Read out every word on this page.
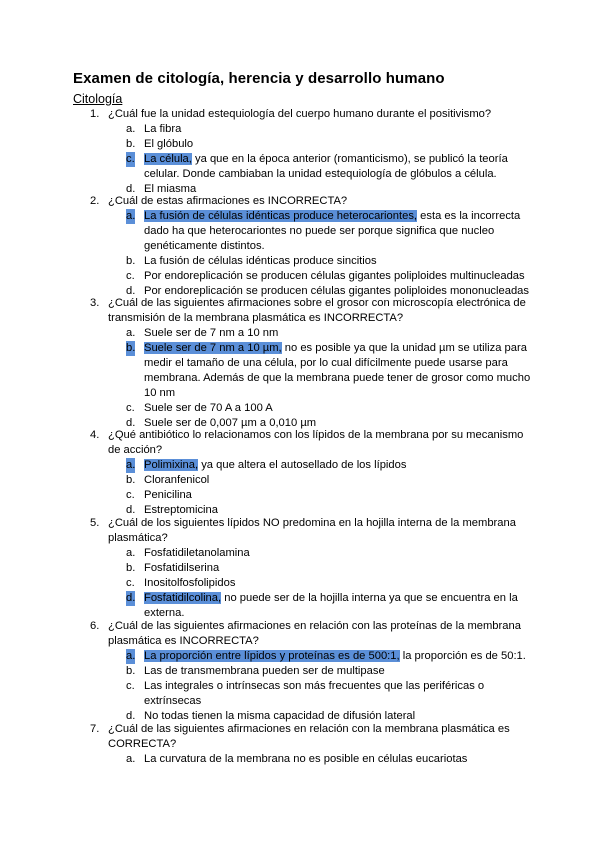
Examen de citología, herencia y desarrollo humano
Citología
1. ¿Cuál fue la unidad estequiología del cuerpo humano durante el positivismo?
a. La fibra
b. El glóbulo
c. La célula, ya que en la época anterior (romanticismo), se publicó la teoría celular. Donde cambiaban la unidad estequiología de glóbulos a célula.
d. El miasma
2. ¿Cuál de estas afirmaciones es INCORRECTA?
a. La fusión de células idénticas produce heterocariontes, esta es la incorrecta dado ha que heterocariontes no puede ser porque significa que nucleo genéticamente distintos.
b. La fusión de células idénticas produce sincitios
c. Por endoreplicación se producen células gigantes poliploides multinucleadas
d. Por endoreplicación se producen células gigantes poliploides mononucleadas
3. ¿Cuál de las siguientes afirmaciones sobre el grosor con microscopía electrónica de transmisión de la membrana plasmática es INCORRECTA?
a. Suele ser de 7 nm a 10 nm
b. Suele ser de 7 nm a 10 µm, no es posible ya que la unidad µm se utiliza para medir el tamaño de una célula, por lo cual difícilmente puede usarse para membrana. Además de que la membrana puede tener de grosor como mucho 10 nm
c. Suele ser de 70 A a 100 A
d. Suele ser de 0,007 µm a 0,010 µm
4. ¿Qué antibiótico lo relacionamos con los lípidos de la membrana por su mecanismo de acción?
a. Polimixina, ya que altera el autosellado de los lípidos
b. Cloranfenicol
c. Penicilina
d. Estreptomicina
5. ¿Cuál de los siguientes lípidos NO predomina en la hojilla interna de la membrana plasmática?
a. Fosfatidiletanolamina
b. Fosfatidilserina
c. Inositolfosfolipidos
d. Fosfatidilcolina, no puede ser de la hojilla interna ya que se encuentra en la externa.
6. ¿Cuál de las siguientes afirmaciones en relación con las proteínas de la membrana plasmática es INCORRECTA?
a. La proporción entre lípidos y proteínas es de 500:1, la proporción es de 50:1.
b. Las de transmembrana pueden ser de multipase
c. Las integrales o intrínsecas son más frecuentes que las periféricas o extrínsecas
d. No todas tienen la misma capacidad de difusión lateral
7. ¿Cuál de las siguientes afirmaciones en relación con la membrana plasmática es CORRECTA?
a. La curvatura de la membrana no es posible en células eucariotas
